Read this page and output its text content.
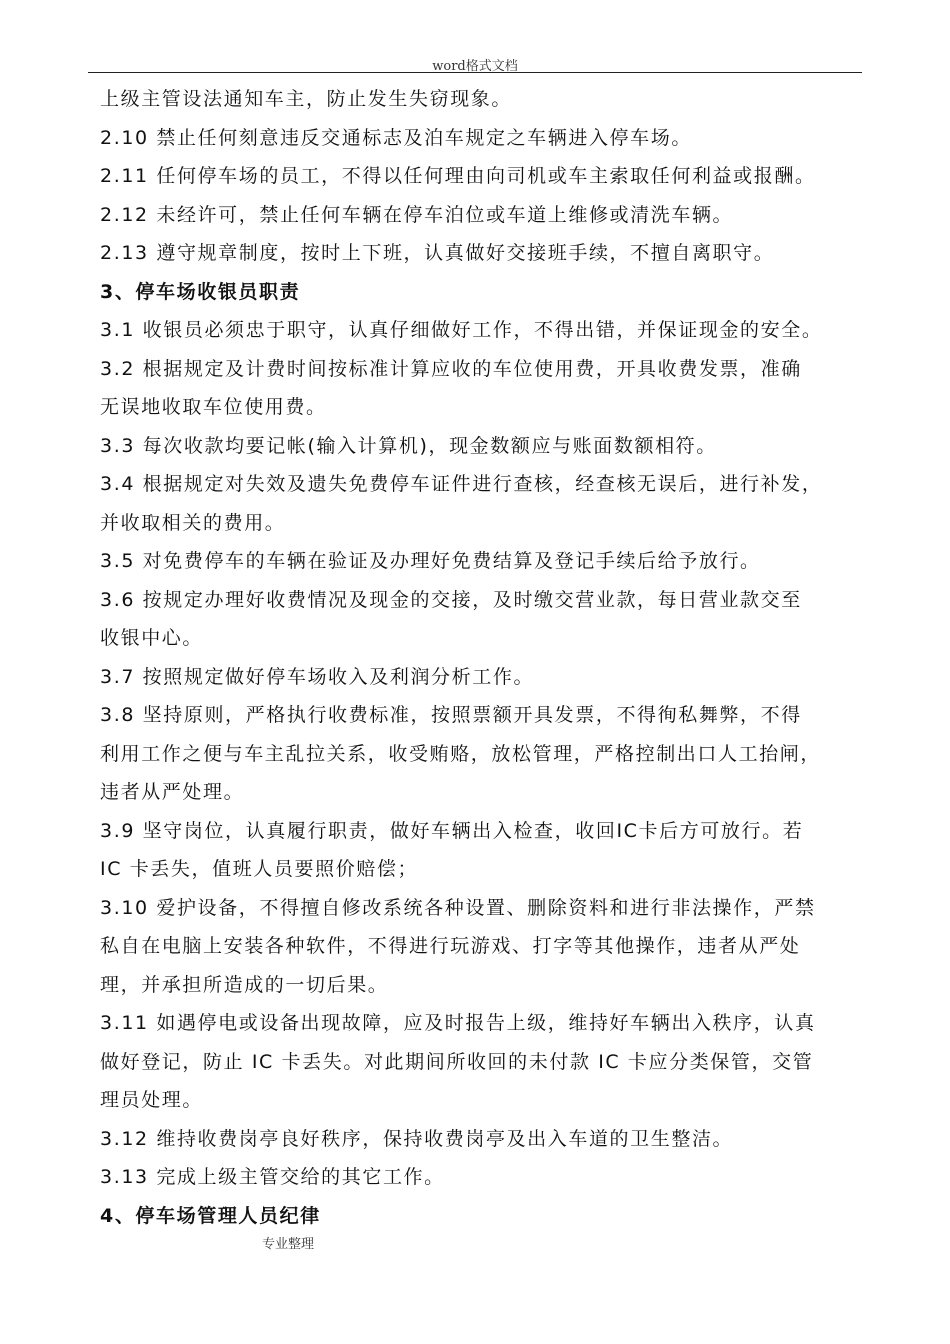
word格式文档
上级主管设法通知车主，防止发生失窃现象。
2.10 禁止任何刻意违反交通标志及泊车规定之车辆进入停车场。
2.11 任何停车场的员工，不得以任何理由向司机或车主索取任何利益或报酬。
2.12 未经许可，禁止任何车辆在停车泊位或车道上维修或清洗车辆。
2.13 遵守规章制度，按时上下班，认真做好交接班手续，不擅自离职守。
3、停车场收银员职责
3.1 收银员必须忠于职守，认真仔细做好工作，不得出错，并保证现金的安全。
3.2 根据规定及计费时间按标准计算应收的车位使用费，开具收费发票，准确
无误地收取车位使用费。
3.3 每次收款均要记帐(输入计算机)，现金数额应与账面数额相符。
3.4 根据规定对失效及遗失免费停车证件进行查核，经查核无误后，进行补发，
并收取相关的费用。
3.5 对免费停车的车辆在验证及办理好免费结算及登记手续后给予放行。
3.6 按规定办理好收费情况及现金的交接，及时缴交营业款，每日营业款交至
收银中心。
3.7 按照规定做好停车场收入及利润分析工作。
3.8 坚持原则，严格执行收费标准，按照票额开具发票，不得徇私舞弊，不得
利用工作之便与车主乱拉关系，收受贿赂，放松管理，严格控制出口人工抬闸，
违者从严处理。
3.9 坚守岗位，认真履行职责，做好车辆出入检查，收回IC卡后方可放行。若
IC 卡丢失，值班人员要照价赔偿；
3.10 爱护设备，不得擅自修改系统各种设置、删除资料和进行非法操作，严禁
私自在电脑上安装各种软件，不得进行玩游戏、打字等其他操作，违者从严处
理，并承担所造成的一切后果。
3.11 如遇停电或设备出现故障，应及时报告上级，维持好车辆出入秩序，认真
做好登记，防止 IC 卡丢失。对此期间所收回的未付款 IC 卡应分类保管，交管
理员处理。
3.12 维持收费岗亭良好秩序，保持收费岗亭及出入车道的卫生整洁。
3.13 完成上级主管交给的其它工作。
4、停车场管理人员纪律
专业整理
